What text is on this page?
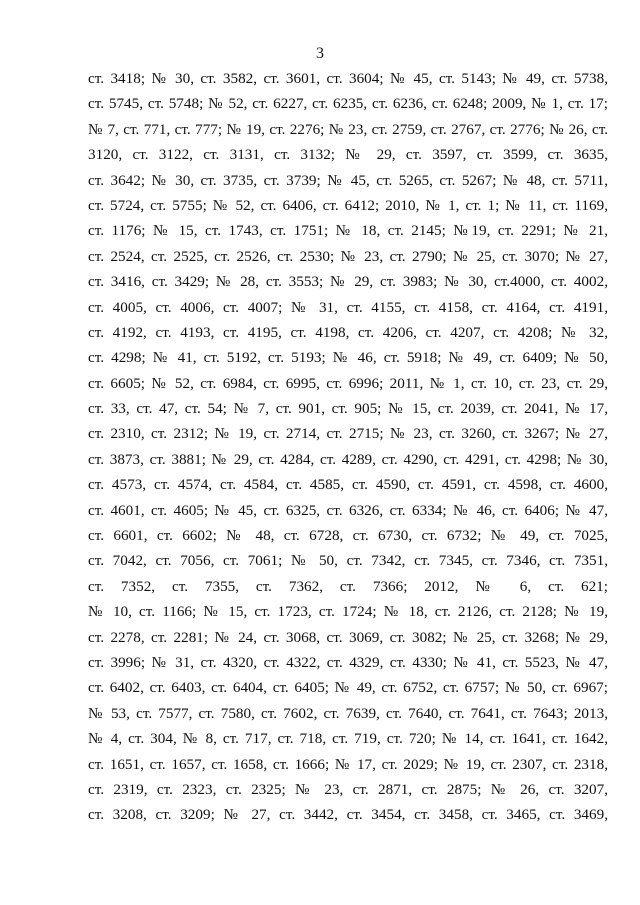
3
ст. 3418; № 30, ст. 3582, ст. 3601, ст. 3604; № 45, ст. 5143; № 49, ст. 5738,
ст. 5745, ст. 5748; № 52, ст. 6227, ст. 6235, ст. 6236, ст. 6248; 2009, № 1, ст. 17;
№ 7, ст. 771, ст. 777; № 19, ст. 2276; № 23, ст. 2759, ст. 2767, ст. 2776; № 26, ст.
3120, ст. 3122, ст. 3131, ст. 3132; № 29, ст. 3597, ст. 3599, ст. 3635,
ст. 3642; № 30, ст. 3735, ст. 3739; № 45, ст. 5265, ст. 5267; № 48, ст. 5711,
ст. 5724, ст. 5755; № 52, ст. 6406, ст. 6412; 2010, № 1, ст. 1; № 11, ст. 1169,
ст. 1176; № 15, ст. 1743, ст. 1751; № 18, ст. 2145; №19, ст. 2291; № 21,
ст. 2524, ст. 2525, ст. 2526, ст. 2530; № 23, ст. 2790; № 25, ст. 3070; № 27,
ст. 3416, ст. 3429; № 28, ст. 3553; № 29, ст. 3983; № 30, ст.4000, ст. 4002,
ст. 4005, ст. 4006, ст. 4007; № 31, ст. 4155, ст. 4158, ст. 4164, ст. 4191,
ст. 4192, ст. 4193, ст. 4195, ст. 4198, ст. 4206, ст. 4207, ст. 4208; № 32,
ст. 4298; № 41, ст. 5192, ст. 5193; № 46, ст. 5918; № 49, ст. 6409; № 50,
ст. 6605; № 52, ст. 6984, ст. 6995, ст. 6996; 2011, № 1, ст. 10, ст. 23, ст. 29,
ст. 33, ст. 47, ст. 54; № 7, ст. 901, ст. 905; № 15, ст. 2039, ст. 2041, № 17,
ст. 2310, ст. 2312; № 19, ст. 2714, ст. 2715; № 23, ст. 3260, ст. 3267; № 27,
ст. 3873, ст. 3881; № 29, ст. 4284, ст. 4289, ст. 4290, ст. 4291, ст. 4298; № 30,
ст. 4573, ст. 4574, ст. 4584, ст. 4585, ст. 4590, ст. 4591, ст. 4598, ст. 4600,
ст. 4601, ст. 4605; № 45, ст. 6325, ст. 6326, ст. 6334; № 46, ст. 6406; № 47,
ст. 6601, ст. 6602; № 48, ст. 6728, ст. 6730, ст. 6732; № 49, ст. 7025,
ст. 7042, ст. 7056, ст. 7061; № 50, ст. 7342, ст. 7345, ст. 7346, ст. 7351,
ст. 7352, ст. 7355, ст. 7362, ст. 7366; 2012, № 6, ст. 621;
№ 10, ст. 1166; № 15, ст. 1723, ст. 1724; № 18, ст. 2126, ст. 2128; № 19,
ст. 2278, ст. 2281; № 24, ст. 3068, ст. 3069, ст. 3082; № 25, ст. 3268; № 29,
ст. 3996; № 31, ст. 4320, ст. 4322, ст. 4329, ст. 4330; № 41, ст. 5523, № 47,
ст. 6402, ст. 6403, ст. 6404, ст. 6405; № 49, ст. 6752, ст. 6757; № 50, ст. 6967;
№ 53, ст. 7577, ст. 7580, ст. 7602, ст. 7639, ст. 7640, ст. 7641, ст. 7643; 2013,
№ 4, ст. 304, № 8, ст. 717, ст. 718, ст. 719, ст. 720; № 14, ст. 1641, ст. 1642,
ст. 1651, ст. 1657, ст. 1658, ст. 1666; № 17, ст. 2029; № 19, ст. 2307, ст. 2318,
ст. 2319, ст. 2323, ст. 2325; № 23, ст. 2871, ст. 2875; № 26, ст. 3207,
ст. 3208, ст. 3209; № 27, ст. 3442, ст. 3454, ст. 3458, ст. 3465, ст. 3469,
